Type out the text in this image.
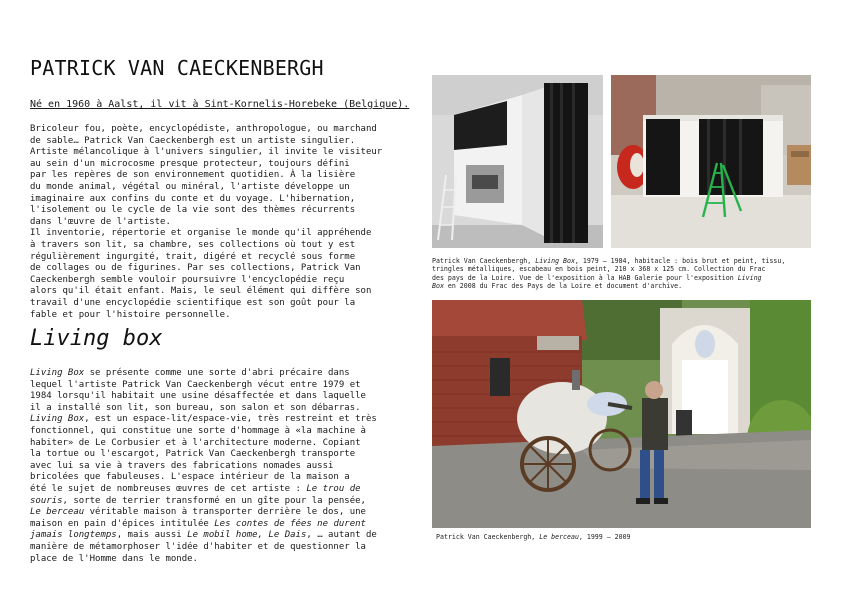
PATRICK VAN CAECKENBERGH
Né en 1960 à Aalst, il vit à Sint-Kornelis-Horebeke (Belgique).

Bricoleur fou, poète, encyclopédiste, anthropologue, ou marchand

de sable… Patrick Van Caeckenbergh est un artiste singulier.

Artiste mélancolique à l'univers singulier, il invite le visiteur

au sein d'un microcosme presque protecteur, toujours défini

par les repères de son environnement quotidien. À la lisière

du monde animal, végétal ou minéral, l'artiste développe un

imaginaire aux confins du conte et du voyage. L'hibernation,

l'isolement ou le cycle de la vie sont des thèmes récurrents

dans l'œuvre de l'artiste.

Il inventorie, répertorie et organise le monde qu'il appréhende

à travers son lit, sa chambre, ses collections où tout y est

régulièrement ingurgité, trait, digéré et recyclé sous forme

de collages ou de figurines. Par ses collections, Patrick Van

Caeckenbergh semble vouloir poursuivre l'encyclopédie reçu

alors qu'il était enfant. Mais, le seul élément qui diffère son

travail d'une encyclopédie scientifique est son goût pour la

fable et pour l'histoire personnelle.

Living box
Living Box se présente comme une sorte d'abri précaire dans
lequel l'artiste Patrick Van Caeckenbergh vécut entre 1979 et
1984 lorsqu'il habitait une usine désaffectée et dans laquelle
il a installé son lit, son bureau, son salon et son débarras.
Living Box, est un espace-lit/espace-vie, très restreint et très
fonctionnel, qui constitue une sorte d'hommage à «la machine à
habiter» de Le Corbusier et à l'architecture moderne. Copiant
la tortue ou l'escargot, Patrick Van Caeckenbergh transporte
avec lui sa vie à travers des fabrications nomades aussi
bricolées que fabuleuses. L'espace intérieur de la maison a
été le sujet de nombreuses œuvres de cet artiste : Le trou de
souris, sorte de terrier transformé en un gîte pour la pensée,
Le berceau véritable maison à transporter derrière le dos, une
maison en pain d'épices intitulée Les contes de fées ne durent
jamais longtemps, mais aussi Le mobil home, Le Dais, … autant de
manière de métamorphoser l'idée d'habiter et de questionner la
place de l'Homme dans le monde.
Patrick Van Caeckenbergh, Living Box, 1979 – 1984, habitacle : bois brut et peint, tissu,
tringles métalliques, escabeau en bois peint, 210 x 368 x 125 cm. Collection du Frac
des pays de la Loire. Vue de l'exposition à la HAB Galerie pour l'exposition Living
Box en 2008 du Frac des Pays de la Loire et document d'archive.
Patrick Van Caeckenbergh, Le berceau, 1999 – 2009
